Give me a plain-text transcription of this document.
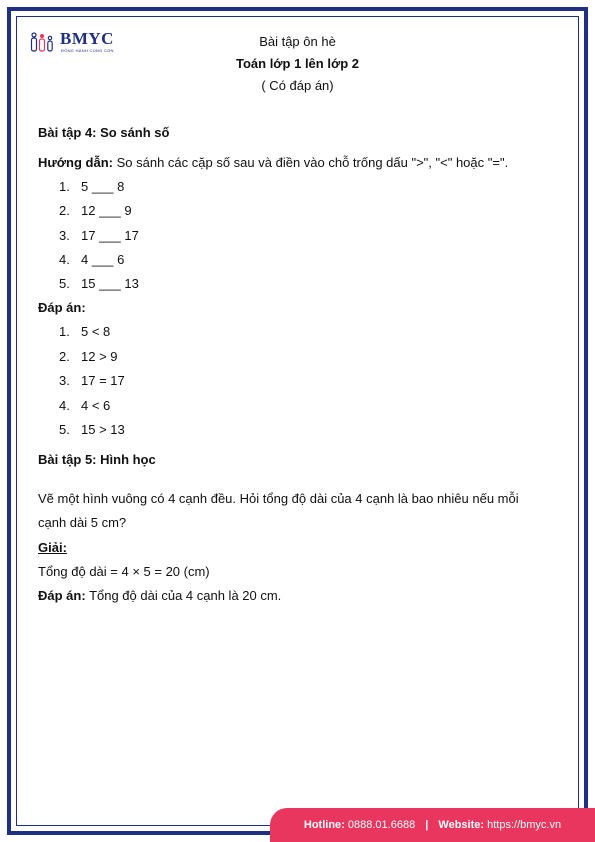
BMYC
ĐỒNG HÀNH CÙNG CON
Bài tập ôn hè
Toán lớp 1 lên lớp 2
( Có đáp án)
Bài tập 4: So sánh số
Hướng dẫn: So sánh các cặp số sau và điền vào chỗ trống dấu ">", "<" hoặc "=".
1. 5 ___ 8
2. 12 ___ 9
3. 17 ___ 17
4. 4 ___ 6
5. 15 ___ 13
Đáp án:
1. 5 < 8
2. 12 > 9
3. 17 = 17
4. 4 < 6
5. 15 > 13
Bài tập 5: Hình học
Vẽ một hình vuông có 4 cạnh đều. Hỏi tổng độ dài của 4 cạnh là bao nhiêu nếu mỗi
cạnh dài 5 cm?
Giải:
Tổng độ dài = 4 × 5 = 20 (cm)
Đáp án: Tổng độ dài của 4 cạnh là 20 cm.
Hotline: 0888.01.6688 | Website: https://bmyc.vn
